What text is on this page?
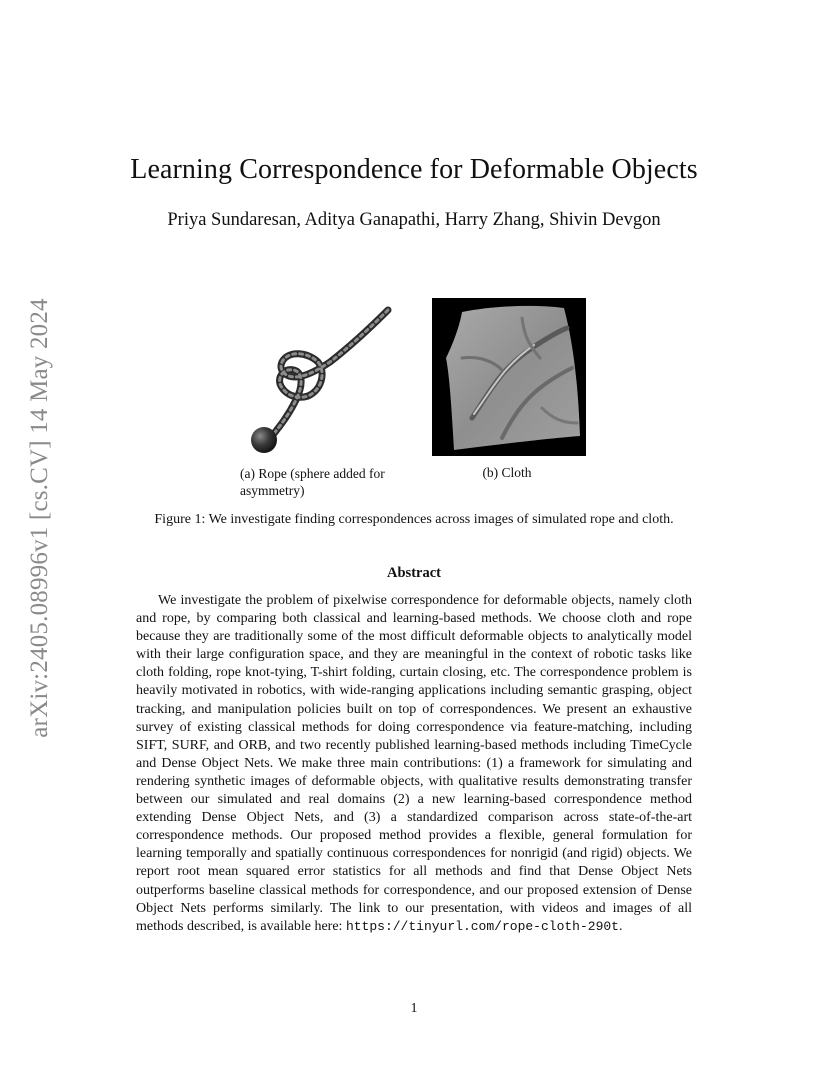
arXiv:2405.08996v1 [cs.CV] 14 May 2024
Learning Correspondence for Deformable Objects
Priya Sundaresan, Aditya Ganapathi, Harry Zhang, Shivin Devgon
(a) Rope (sphere added for asymmetry)
(b) Cloth
Figure 1: We investigate finding correspondences across images of simulated rope and cloth.
Abstract

We investigate the problem of pixelwise correspondence for deformable objects, namely cloth and rope, by comparing both classical and learning-based methods. We choose cloth and rope because they are traditionally some of the most difficult deformable objects to analytically model with their large configuration space, and they are meaningful in the context of robotic tasks like cloth folding, rope knot-tying, T-shirt folding, curtain closing, etc. The correspondence problem is heavily motivated in robotics, with wide-ranging applications including semantic grasping, object tracking, and manipulation policies built on top of correspondences. We present an exhaustive survey of existing classical methods for doing correspondence via feature-matching, including SIFT, SURF, and ORB, and two recently published learning-based methods including TimeCycle and Dense Object Nets. We make three main contributions: (1) a framework for simulating and rendering synthetic images of deformable objects, with qualitative results demonstrating transfer between our simulated and real domains (2) a new learning-based correspondence method extending Dense Object Nets, and (3) a standardized comparison across state-of-the-art correspondence methods. Our proposed method provides a flexible, general formulation for learning temporally and spatially continuous correspondences for nonrigid (and rigid) objects. We report root mean squared error statistics for all methods and find that Dense Object Nets outperforms baseline classical methods for correspondence, and our proposed extension of Dense Object Nets performs similarly. The link to our presentation, with videos and images of all methods described, is available here: https://tinyurl.com/rope-cloth-290t.

1
